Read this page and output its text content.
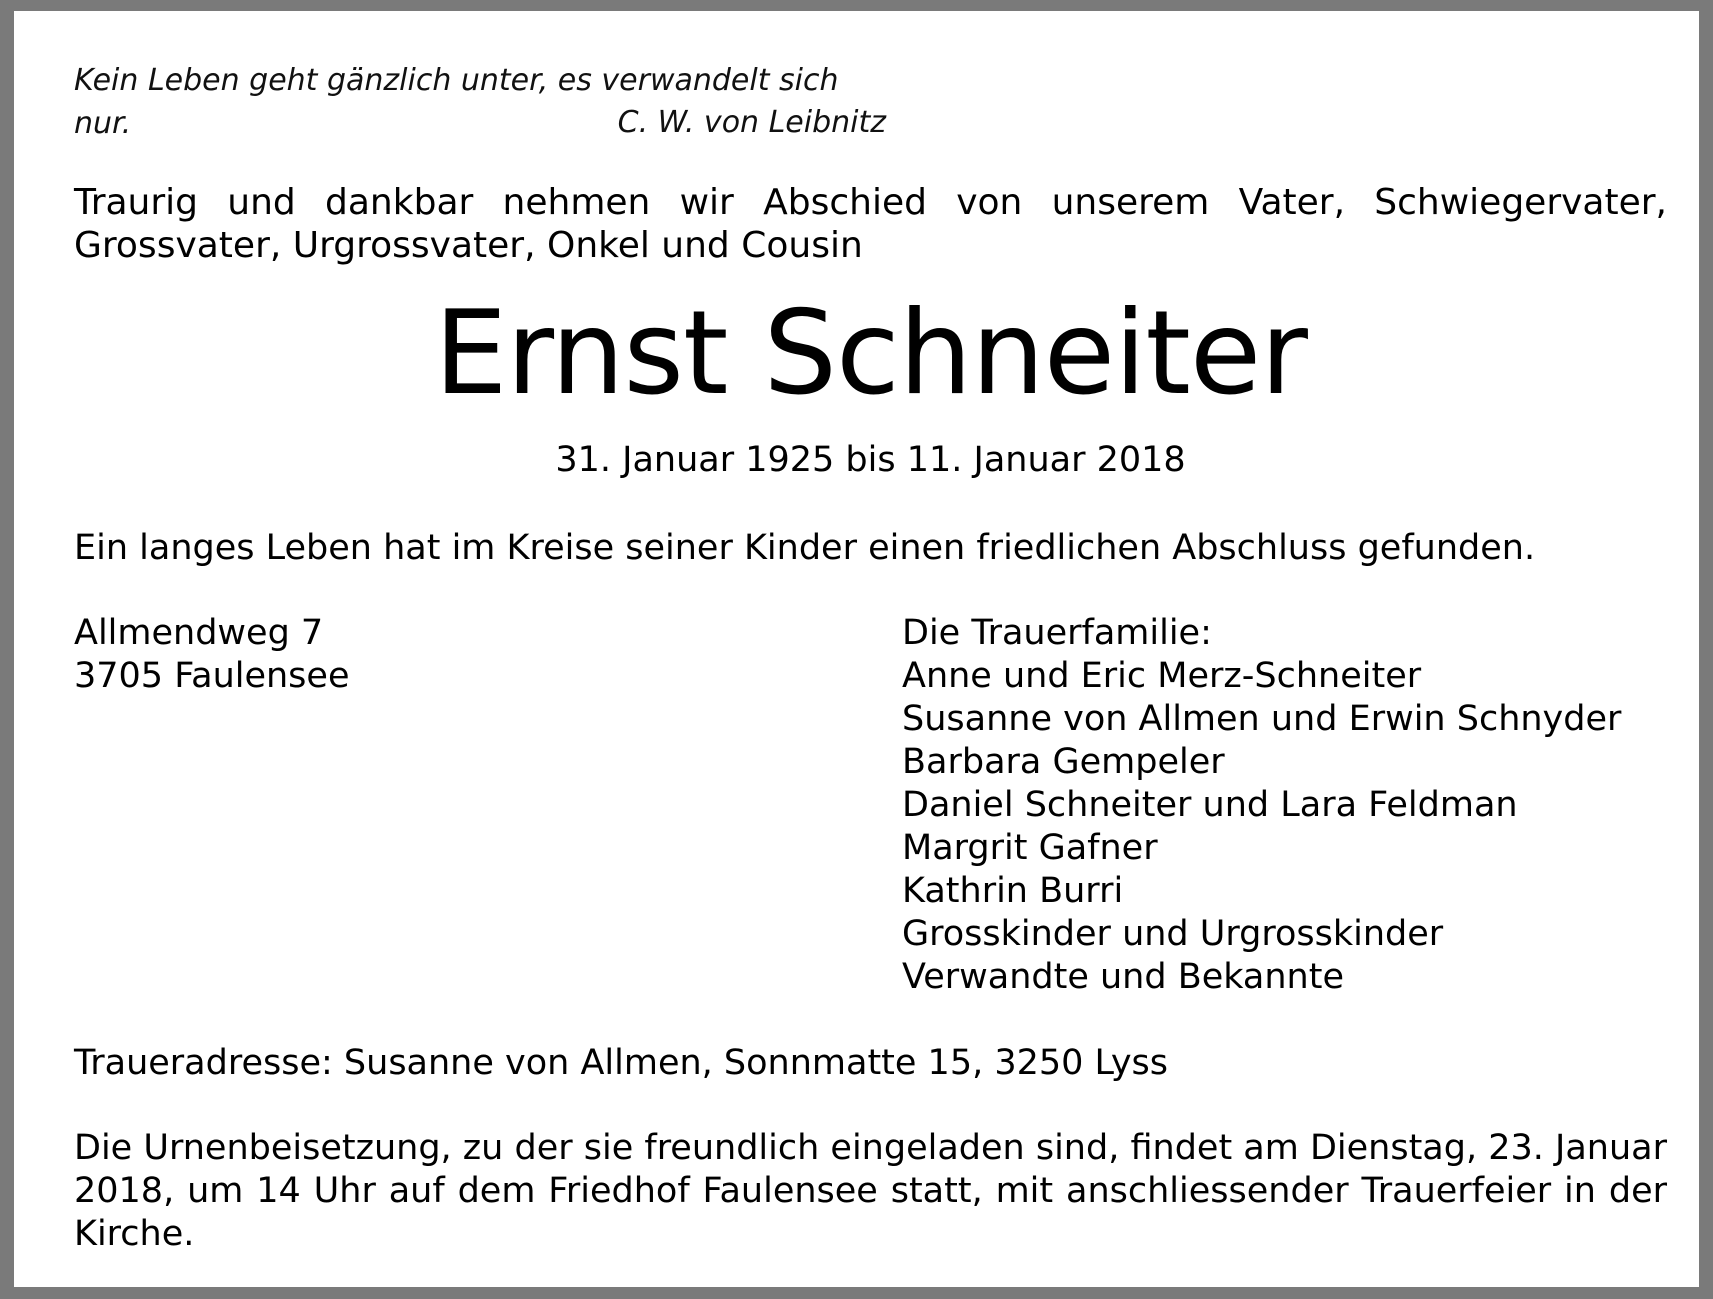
Kein Leben geht gänzlich unter, es verwandelt sich nur.	C. W. von Leibnitz
Traurig und dankbar nehmen wir Abschied von unserem Vater, Schwiegervater, Grossvater, Urgrossvater, Onkel und Cousin
Ernst Schneiter
31. Januar 1925 bis 11. Januar 2018
Ein langes Leben hat im Kreise seiner Kinder einen friedlichen Abschluss gefunden.
Allmendweg 7
3705 Faulensee
Die Trauerfamilie:
Anne und Eric Merz-Schneiter
Susanne von Allmen und Erwin Schnyder
Barbara Gempeler
Daniel Schneiter und Lara Feldman
Margrit Gafner
Kathrin Burri
Grosskinder und Urgrosskinder
Verwandte und Bekannte
Traueradresse: Susanne von Allmen, Sonnmatte 15, 3250 Lyss
Die Urnenbeisetzung, zu der sie freundlich eingeladen sind, findet am Dienstag, 23. Januar 2018, um 14 Uhr auf dem Friedhof Faulensee statt, mit anschliessender Trauerfeier in der Kirche.
